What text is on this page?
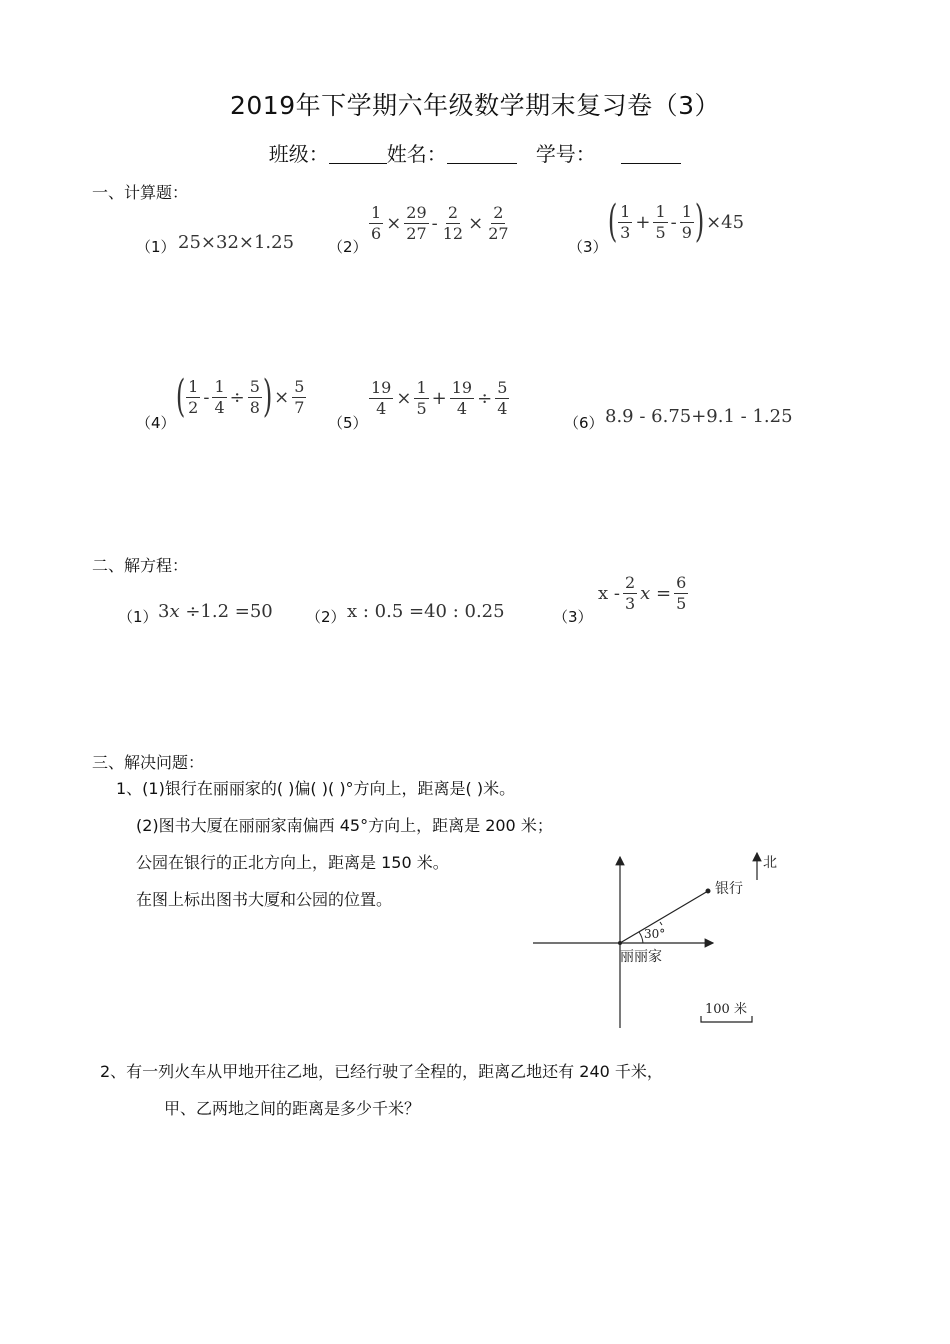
2019年下学期六年级数学期末复习卷（3）
班级：	姓名：	学号：
一、计算题：
（1） 25×32×1.25 （2）
$\frac{1}{6} \times \frac{29}{27} - \frac{2}{12} \times \frac{2}{27}$
（3） ( $\frac{1}{3} + \frac{1}{5} - \frac{1}{9}$ ) ×45
（4）
( $\frac{1}{2} - \frac{1}{4} \div \frac{5}{8}$ ) × $\frac{5}{7}$
（5）
$\frac{19}{4} \times \frac{1}{5} + \frac{19}{4} \div \frac{5}{4}$
（6） 8.9 - 6.75+9.1 - 1.25
二、解方程：
（1） 3x ÷1.2 =50 （2） x : 0.5 =40 : 0.25	（3）
x - $\frac{2}{3}$ $x = \frac{6}{5}$
三、解决问题：
1、(1)银行在丽丽家的( )偏( )( )°方向上，距离是( )米。
(2)图书大厦在丽丽家南偏西 45°方向上，距离是 200 米；
公园在银行的正北方向上，距离是 150 米。
在图上标出图书大厦和公园的位置。
北
银行
30°
丽丽家
100 米
2、有一列火车从甲地开往乙地，已经行驶了全程的，距离乙地还有 240 千米，
甲、乙两地之间的距离是多少千米？
